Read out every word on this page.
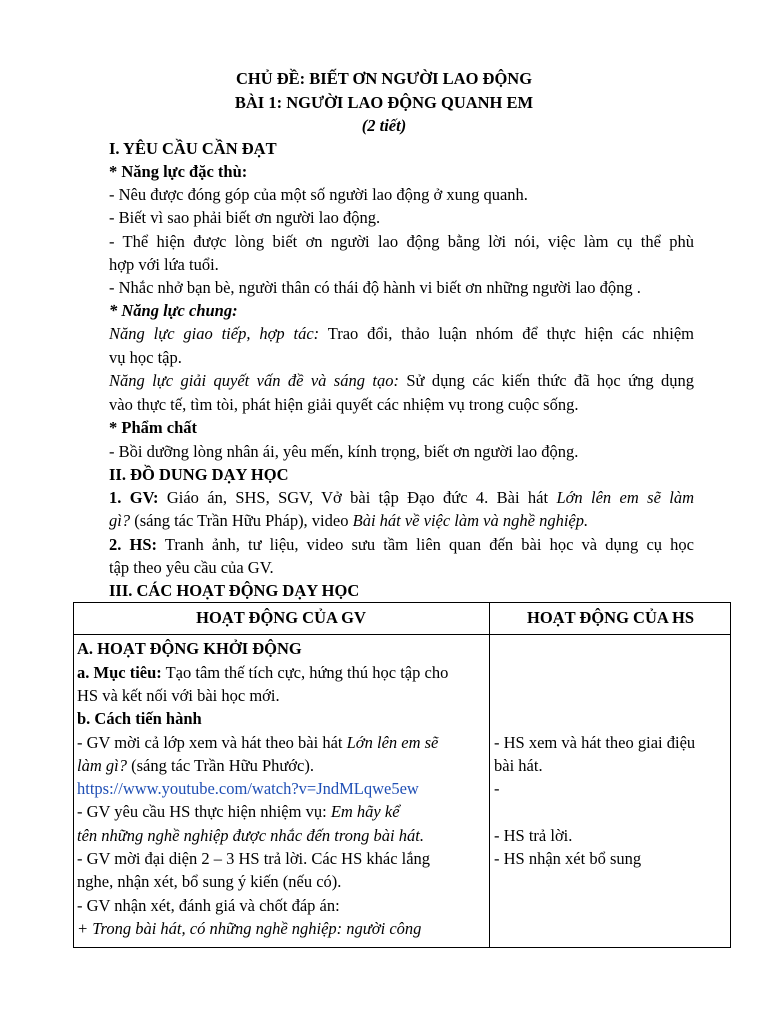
CHỦ ĐỀ: BIẾT ƠN NGƯỜI LAO ĐỘNG
BÀI 1: NGƯỜI LAO ĐỘNG QUANH EM
(2 tiết)
I. YÊU CẦU CẦN ĐẠT
* Năng lực đặc thù:
- Nêu được đóng góp của một số người lao động ở xung quanh.
- Biết vì sao phải biết ơn người lao động.
- Thể hiện được lòng biết ơn người lao động bằng lời nói, việc làm cụ thể phù
hợp với lứa tuổi.
- Nhắc nhở bạn bè, người thân có thái độ hành vi biết ơn những người lao động .
* Năng lực chung:
Năng lực giao tiếp, hợp tác: Trao đổi, thảo luận nhóm để thực hiện các nhiệm
vụ học tập.
Năng lực giải quyết vấn đề và sáng tạo: Sử dụng các kiến thức đã học ứng dụng
vào thực tế, tìm tòi, phát hiện giải quyết các nhiệm vụ trong cuộc sống.
* Phẩm chất
- Bồi dưỡng lòng nhân ái, yêu mến, kính trọng, biết ơn người lao động.
II. ĐỒ DUNG DẠY HỌC
1. GV: Giáo án, SHS, SGV, Vở bài tập Đạo đức 4. Bài hát Lớn lên em sẽ làm
gì? (sáng tác Trần Hữu Pháp), video Bài hát về việc làm và nghề nghiệp.
2. HS: Tranh ảnh, tư liệu, video sưu tầm liên quan đến bài học và dụng cụ học
tập theo yêu cầu của GV.
III. CÁC HOẠT ĐỘNG DẠY HỌC
HOẠT ĐỘNG CỦA GV	HOẠT ĐỘNG CỦA HS
A. HOẠT ĐỘNG KHỞI ĐỘNG
a. Mục tiêu: Tạo tâm thế tích cực, hứng thú học tập cho
HS và kết nối với bài học mới.
b. Cách tiến hành
- GV mời cả lớp xem và hát theo bài hát Lớn lên em sẽ
làm gì? (sáng tác Trần Hữu Phước).
https://www.youtube.com/watch?v=JndMLqwe5ew
- GV yêu cầu HS thực hiện nhiệm vụ: Em hãy kể
tên những nghề nghiệp được nhắc đến trong bài hát.
- GV mời đại diện 2 – 3 HS trả lời. Các HS khác lắng
nghe, nhận xét, bổ sung ý kiến (nếu có).
- GV nhận xét, đánh giá và chốt đáp án:
+ Trong bài hát, có những nghề nghiệp: người công
- HS xem và hát theo giai điệu
bài hát.
-
- HS trả lời.
- HS nhận xét bổ sung
